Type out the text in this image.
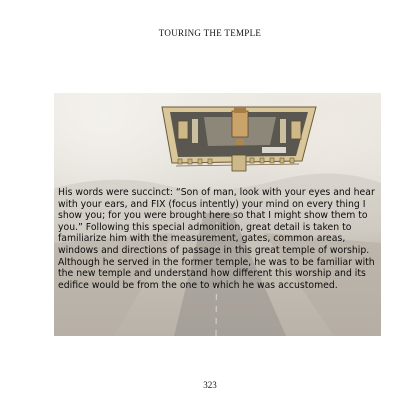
TOURING THE TEMPLE

His words were succinct: “Son of man, look with your eyes and hear with your ears, and FIX (focus intently) your mind on every thing I show you; for you were brought here so that I might show them to you.” Following this special admonition, great detail is taken to familiarize him with the measurement, gates, common areas, windows and directions of passage in this great temple of worship. Although he served in the former temple, he was to be familiar with the new temple and understand how different this worship and its edifice would be from the one to which he was accustomed.

323
